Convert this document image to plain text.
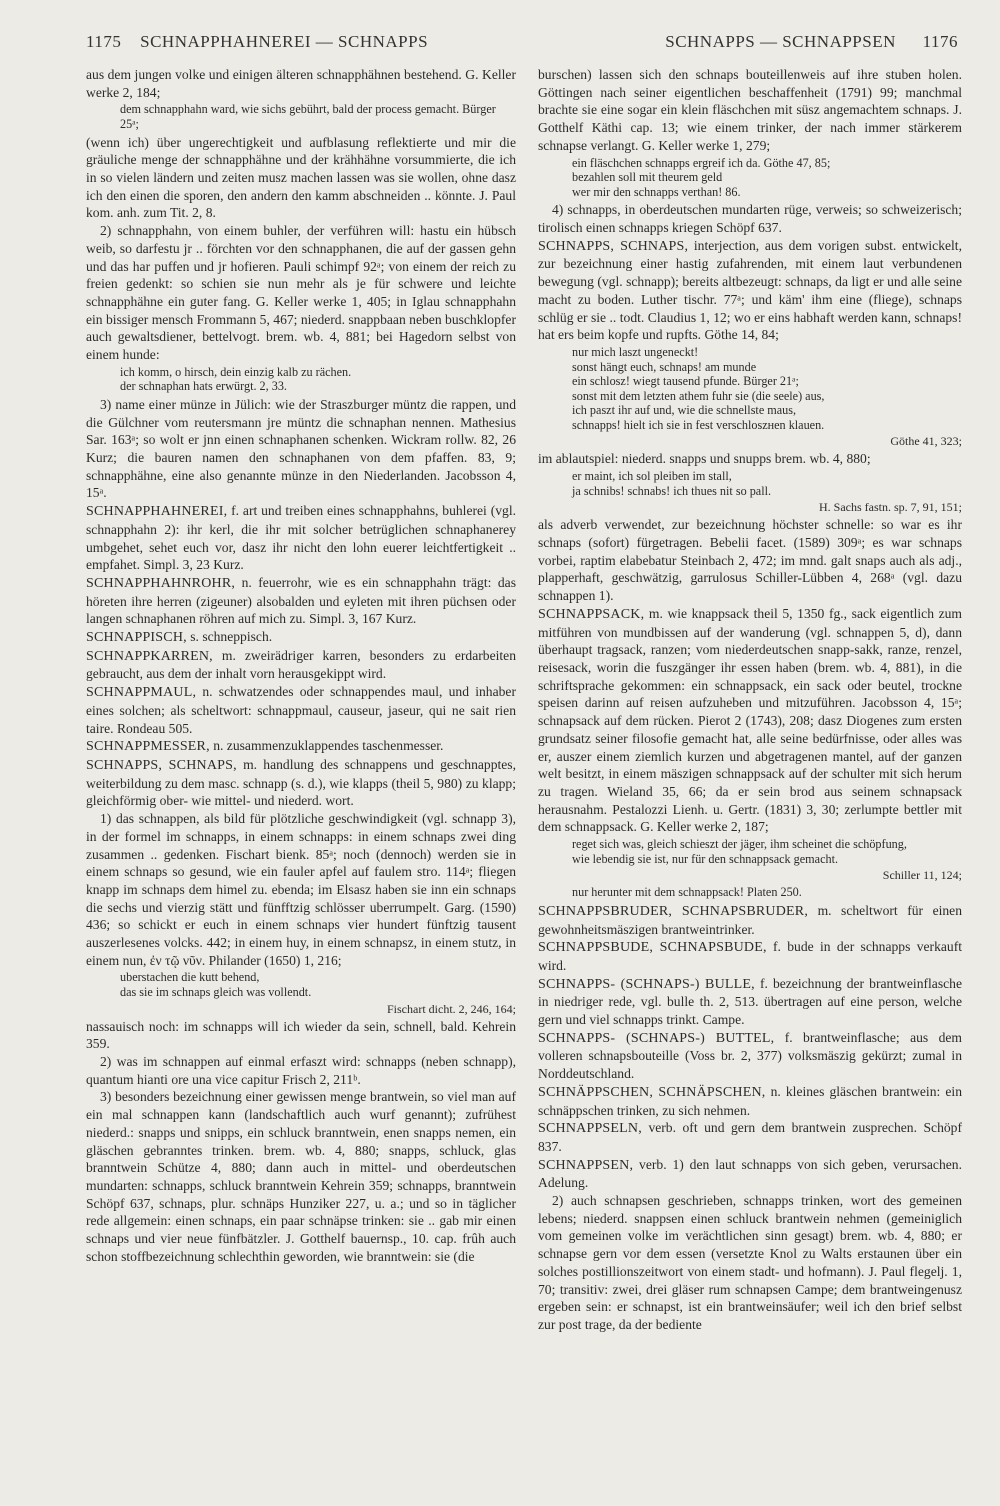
1175 SCHNAPPHAHNEREI — SCHNAPPS	SCHNAPPS — SCHNAPPSEN 1176

aus dem jungen volke und einigen älteren schnapphähnen bestehend. G. Keller werke 2, 184;

dem schnapphahn ward, wie sichs gebührt, bald der process gemacht. Bürger 25ᵃ;

(wenn ich) über ungerechtigkeit und aufblasung reflektierte und mir die gräuliche menge der schnapphähne und der krähhähne vorsummierte, die ich in so vielen ländern und zeiten musz machen lassen was sie wollen, ohne dasz ich den einen die sporen, den andern den kamm abschneiden .. könnte. J. Paul kom. anh. zum Tit. 2, 8.

2) schnapphahn, von einem buhler, der verführen will: hastu ein hübsch weib, so darfestu jr .. förchten vor den schnapphanen, die auf der gassen gehn und das har puffen und jr hofieren. Pauli schimpf 92ᵃ; von einem der reich zu freien gedenkt: so schien sie nun mehr als je für schwere und leichte schnapphähne ein guter fang. G. Keller werke 1, 405; in Iglau schnapphahn ein bissiger mensch Frommann 5, 467; niederd. snappbaan neben buschklopfer auch gewaltsdiener, bettelvogt. brem. wb. 4, 881; bei Hagedorn selbst von einem hunde:

ich komm, o hirsch, dein einzig kalb zu rächen.
der schnaphan hats erwürgt. 2, 33.

3) name einer münze in Jülich: wie der Straszburger müntz die rappen, und die Gülchner vom reutersmann jre müntz die schnaphan nennen. Mathesius Sar. 163ᵃ; so wolt er jnn einen schnaphanen schenken. Wickram rollw. 82, 26 Kurz; die bauren namen den schnaphanen von dem pfaffen. 83, 9; schnapphähne, eine also genannte münze in den Niederlanden. Jacobsson 4, 15ᵃ.

SCHNAPPHAHNEREI, f. art und treiben eines schnapphahns, buhlerei (vgl. schnapphahn 2): ihr kerl, die ihr mit solcher betrüglichen schnaphanerey umbgehet, sehet euch vor, dasz ihr nicht den lohn euerer leichtfertigkeit .. empfahet. Simpl. 3, 23 Kurz.

SCHNAPPHAHNROHR, n. feuerrohr, wie es ein schnapphahn trägt: das höreten ihre herren (zigeuner) alsobalden und eyleten mit ihren püchsen oder langen schnaphanen röhren auf mich zu. Simpl. 3, 167 Kurz.

SCHNAPPISCH, s. schneppisch.

SCHNAPPKARREN, m. zweirädriger karren, besonders zu erdarbeiten gebraucht, aus dem der inhalt vorn herausgekippt wird.

SCHNAPPMAUL, n. schwatzendes oder schnappendes maul, und inhaber eines solchen; als scheltwort: schnappmaul, causeur, jaseur, qui ne sait rien taire. Rondeau 505.

SCHNAPPMESSER, n. zusammenzuklappendes taschenmesser.

SCHNAPPS, SCHNAPS, m. handlung des schnappens und geschnapptes, weiterbildung zu dem masc. schnapp (s. d.), wie klapps (theil 5, 980) zu klapp; gleichförmig ober- wie mittel- und niederd. wort.

1) das schnappen, als bild für plötzliche geschwindigkeit (vgl. schnapp 3), in der formel im schnapps, in einem schnapps: in einem schnaps zwei ding zusammen .. gedenken. Fischart bienk. 85ᵃ; noch (dennoch) werden sie in einem schnaps so gesund, wie ein fauler apfel auf faulem stro. 114ᵃ; fliegen knapp im schnaps dem himel zu. ebenda; im Elsasz haben sie inn ein schnaps die sechs und vierzig stätt und fünfftzig schlösser uberrumpelt. Garg. (1590) 436; so schickt er euch in einem schnaps vier hundert fünftzig tausent auszerlesenes volcks. 442; in einem huy, in einem schnapsz, in einem stutz, in einem nun, ἐν τῷ νῦν. Philander (1650) 1, 216;

uberstachen die kutt behend,
das sie im schnaps gleich was vollendt.

Fischart dicht. 2, 246, 164;

nassauisch noch: im schnapps will ich wieder da sein, schnell, bald. Kehrein 359.

2) was im schnappen auf einmal erfaszt wird: schnapps (neben schnapp), quantum hianti ore una vice capitur Frisch 2, 211ᵇ.

3) besonders bezeichnung einer gewissen menge brantwein, so viel man auf ein mal schnappen kann (landschaftlich auch wurf genannt); zufrühest niederd.: snapps und snipps, ein schluck branntwein, enen snapps nemen, ein gläschen gebranntes trinken. brem. wb. 4, 880; snapps, schluck, glas branntwein Schütze 4, 880; dann auch in mittel- und oberdeutschen mundarten: schnapps, schluck branntwein Kehrein 359; schnapps, branntwein Schöpf 637, schnaps, plur. schnäps Hunziker 227, u. a.; und so in täglicher rede allgemein: einen schnaps, ein paar schnäpse trinken: sie .. gab mir einen schnaps und vier neue fünfbätzler. J. Gotthelf bauernsp., 10. cap. frûh auch schon stoffbezeichnung schlechthin geworden, wie branntwein: sie (die

burschen) lassen sich den schnaps bouteillenweis auf ihre stuben holen. Göttingen nach seiner eigentlichen beschaffenheit (1791) 99; manchmal brachte sie eine sogar ein klein fläschchen mit süsz angemachtem schnaps. J. Gotthelf Käthi cap. 13; wie einem trinker, der nach immer stärkerem schnapse verlangt. G. Keller werke 1, 279;

ein fläschchen schnapps ergreif ich da. Göthe 47, 85;
bezahlen soll mit theurem geld
wer mir den schnapps verthan! 86.

4) schnapps, in oberdeutschen mundarten rüge, verweis; so schweizerisch; tirolisch einen schnapps kriegen Schöpf 637.

SCHNAPPS, SCHNAPS, interjection, aus dem vorigen subst. entwickelt, zur bezeichnung einer hastig zufahrenden, mit einem laut verbundenen bewegung (vgl. schnapp); bereits altbezeugt: schnaps, da ligt er und alle seine macht zu boden. Luther tischr. 77ᵃ; und käm' ihm eine (fliege), schnaps schlüg er sie .. todt. Claudius 1, 12; wo er eins habhaft werden kann, schnaps! hat ers beim kopfe und rupfts. Göthe 14, 84;

nur mich laszt ungeneckt!
sonst hängt euch, schnaps! am munde
ein schlosz! wiegt tausend pfunde. Bürger 21ᵃ;
sonst mit dem letzten athem fuhr sie (die seele) aus,
ich paszt ihr auf und, wie die schnellste maus,
schnapps! hielt ich sie in fest verschloszнen klauen.

Göthe 41, 323;

im ablautspiel: niederd. snapps und snupps brem. wb. 4, 880;

er maint, ich sol pleiben im stall,
ja schnibs! schnabs! ich thues nit so pall.

H. Sachs fastn. sp. 7, 91, 151;

als adverb verwendet, zur bezeichnung höchster schnelle: so war es ihr schnaps (sofort) fürgetragen. Bebelii facet. (1589) 309ᵃ; es war schnaps vorbei, raptim elabebatur Steinbach 2, 472; im mnd. galt snaps auch als adj., plapperhaft, geschwätzig, garrulosus Schiller-Lübben 4, 268ᵃ (vgl. dazu schnappen 1).

SCHNAPPSACK, m. wie knappsack theil 5, 1350 fg., sack eigentlich zum mitführen von mundbissen auf der wanderung (vgl. schnappen 5, d), dann überhaupt tragsack, ranzen; vom niederdeutschen snapp-sakk, ranze, renzel, reisesack, worin die fuszgänger ihr essen haben (brem. wb. 4, 881), in die schriftsprache gekommen: ein schnappsack, ein sack oder beutel, trockne speisen darinn auf reisen aufzuheben und mitzuführen. Jacobsson 4, 15ᵃ; schnapsack auf dem rücken. Pierot 2 (1743), 208; dasz Diogenes zum ersten grundsatz seiner filosofie gemacht hat, alle seine bedürfnisse, oder alles was er, auszer einem ziemlich kurzen und abgetragenen mantel, auf der ganzen welt besitzt, in einem mäszigen schnappsack auf der schulter mit sich herum zu tragen. Wieland 35, 66; da er sein brod aus seinem schnapsack herausnahm. Pestalozzi Lienh. u. Gertr. (1831) 3, 30; zerlumpte bettler mit dem schnappsack. G. Keller werke 2, 187;

reget sich was, gleich schieszt der jäger, ihm scheinet die schöpfung,
wie lebendig sie ist, nur für den schnappsack gemacht.

Schiller 11, 124;

nur herunter mit dem schnappsack! Platen 250.

SCHNAPPSBRUDER, SCHNAPSBRUDER, m. scheltwort für einen gewohnheitsmäszigen brantweintrinker.

SCHNAPPSBUDE, SCHNAPSBUDE, f. bude in der schnapps verkauft wird.

SCHNAPPS- (SCHNAPS-) BULLE, f. bezeichnung der brantweinflasche in niedriger rede, vgl. bulle th. 2, 513. übertragen auf eine person, welche gern und viel schnapps trinkt. Campe.

SCHNAPPS- (SCHNAPS-) BUTTEL, f. brantweinflasche; aus dem volleren schnapsbouteille (Voss br. 2, 377) volksmäszig gekürzt; zumal in Norddeutschland.

SCHNÄPPSCHEN, SCHNÄPSCHEN, n. kleines gläschen brantwein: ein schnäppschen trinken, zu sich nehmen.

SCHNAPPSELN, verb. oft und gern dem brantwein zusprechen. Schöpf 837.

SCHNAPPSEN, verb. 1) den laut schnapps von sich geben, verursachen. Adelung.

2) auch schnapsen geschrieben, schnapps trinken, wort des gemeinen lebens; niederd. snappsen einen schluck brantwein nehmen (gemeiniglich vom gemeinen volke im verächtlichen sinn gesagt) brem. wb. 4, 880; er schnapse gern vor dem essen (versetzte Knol zu Walts erstaunen über ein solches postillionszeitwort von einem stadt- und hofmann). J. Paul flegelj. 1, 70; transitiv: zwei, drei gläser rum schnapsen Campe; dem brantweingenusz ergeben sein: er schnapst, ist ein brantweinsäufer; weil ich den brief selbst zur post trage, da der bediente
